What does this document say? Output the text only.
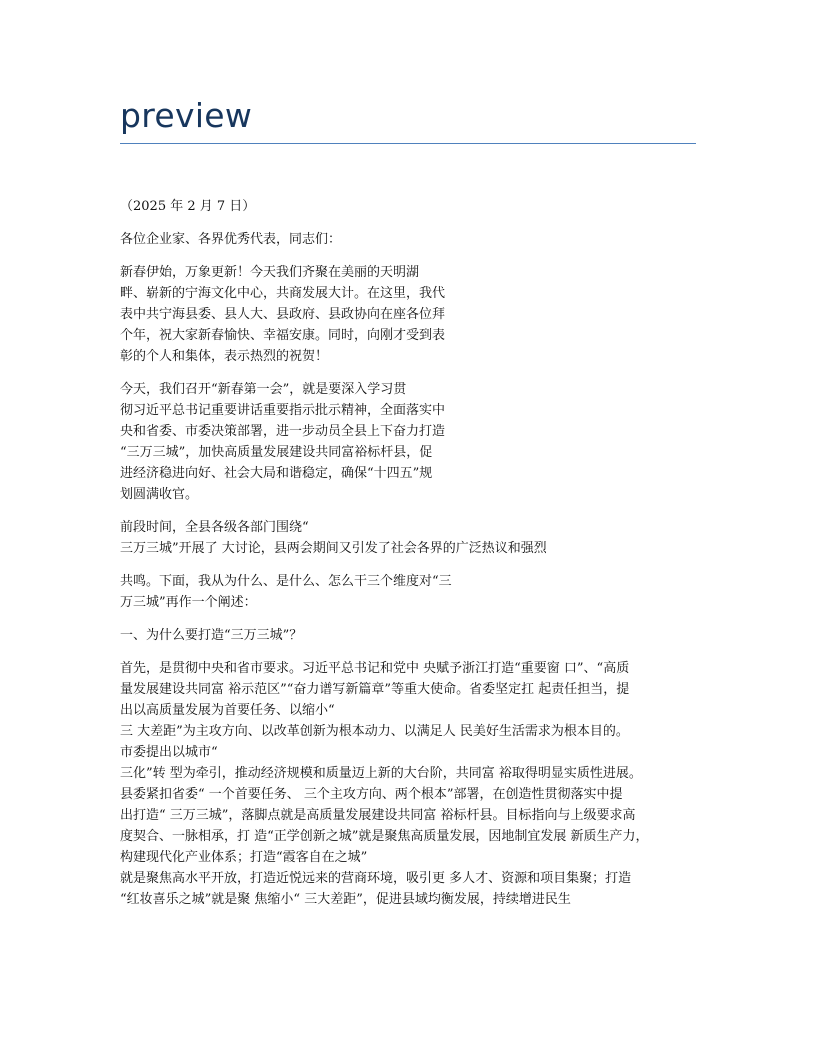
preview

（2025 年 2 月 7 日）

各位企业家、各界优秀代表，同志们：

新春伊始，万象更新！今天我们齐聚在美丽的天明湖
畔、崭新的宁海文化中心，共商发展大计。在这里，我代
表中共宁海县委、县人大、县政府、县政协向在座各位拜
个年，祝大家新春愉快、幸福安康。同时，向刚才受到表
彰的个人和集体，表示热烈的祝贺！

今天，我们召开“新春第一会”，就是要深入学习贯
彻习近平总书记重要讲话重要指示批示精神，全面落实中
央和省委、市委决策部署，进一步动员全县上下奋力打造
“三万三城”，加快高质量发展建设共同富裕标杆县，促
进经济稳进向好、社会大局和谐稳定，确保“十四五”规
划圆满收官。

前段时间，全县各级各部门围绕“
三万三城”开展了 大讨论，县两会期间又引发了社会各界的广泛热议和强烈

共鸣。下面，我从为什么、是什么、怎么干三个维度对“三
万三城”再作一个阐述：

一、为什么要打造“三万三城”？

首先，是贯彻中央和省市要求。习近平总书记和党中 央赋予浙江打造“重要窗 口”、“高质
量发展建设共同富 裕示范区”“奋力谱写新篇章”等重大使命。省委坚定扛 起责任担当，提
出以高质量发展为首要任务、以缩小“
三 大差距”为主攻方向、以改革创新为根本动力、以满足人 民美好生活需求为根本目的。
市委提出以城市“
三化”转 型为牵引，推动经济规模和质量迈上新的大台阶，共同富 裕取得明显实质性进展。
县委紧扣省委“ 一个首要任务、 三个主攻方向、两个根本”部署，在创造性贯彻落实中提
出打造“ 三万三城”，落脚点就是高质量发展建设共同富 裕标杆县。目标指向与上级要求高
度契合、一脉相承，打 造“正学创新之城”就是聚焦高质量发展，因地制宜发展 新质生产力，
构建现代化产业体系；打造“霞客自在之城”
就是聚焦高水平开放，打造近悦远来的营商环境，吸引更 多人才、资源和项目集聚；打造
“红妆喜乐之城”就是聚 焦缩小“ 三大差距”，促进县域均衡发展，持续增进民生
